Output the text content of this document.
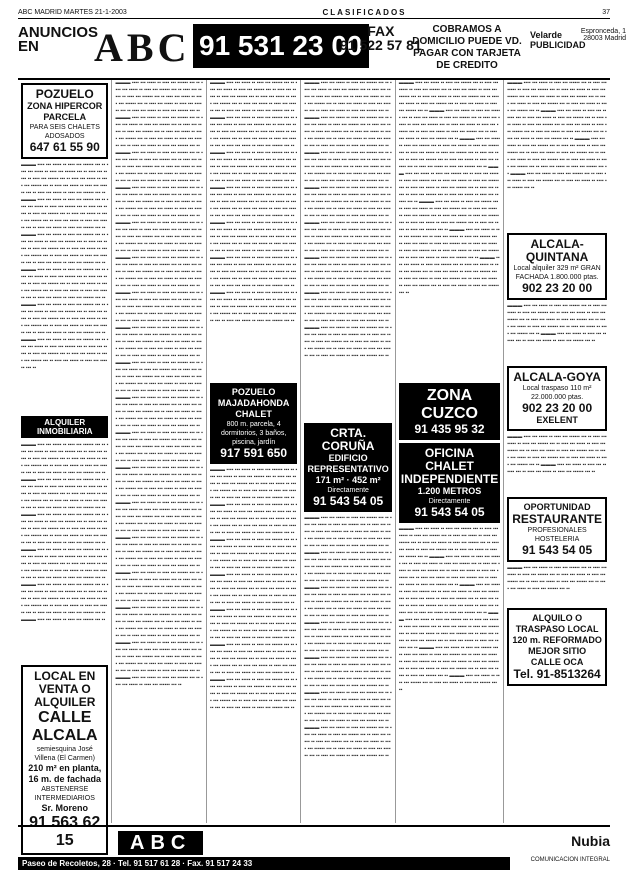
ABC MADRID MARTES 21-1-2003	CLASIFICADOS	37
ANUNCIOS
EN	ABC 91 531 23 00 FAX
91 522 57 81
COBRAMOS A DOMICILIO PUEDE VD. PAGAR CON TARJETA DE CREDITO
Velarde PUBLICIDAD
Espronceda, 1 28003 Madrid
POZUELO
ZONA HIPERCOR
PARCELA
PARA SEIS CHALETS ADOSADOS
647 61 55 90
▬▬▬ ▪▪▪▪ ▪▪▪ ▪▪▪▪▪ ▪▪ ▪▪▪▪ ▪▪▪ ▪▪▪▪▪▪ ▪▪▪ ▪▪ ▪▪▪▪ ▪▪▪ ▪▪▪▪▪ ▪▪ ▪▪▪▪ ▪▪▪ ▪▪▪▪▪▪ ▪▪▪ ▪▪ ▪▪▪▪ ▪▪▪ ▪▪▪▪▪ ▪▪ ▪▪▪▪ ▪▪▪ ▪▪▪▪▪▪ ▪▪▪ ▪▪ ▪▪▪▪ ▪▪▪ ▪▪▪▪▪ ▪▪ ▪▪▪▪ ▪▪▪ ▪▪▪▪▪▪ ▪▪▪ ▪▪ ▪▪▪▪ ▪▪▪ ▪▪▪▪▪ ▪▪ ▪▪▪▪ ▪▪▪ ▪▪▪▪▪▪ ▪▪▪ ▪▪ ▪▪▪▪ ▪▪▪ ▪▪▪▪▪ ▪▪ ▪▪▪▪ ▪▪▪ ▪▪▪▪▪▪ ▪▪▪ ▪▪ ▬▬▬ ▪▪▪▪ ▪▪▪ ▪▪▪▪▪ ▪▪ ▪▪▪▪ ▪▪▪ ▪▪▪▪▪▪ ▪▪▪ ▪▪ ▪▪▪▪ ▪▪▪ ▪▪▪▪▪ ▪▪ ▪▪▪▪ ▪▪▪ ▪▪▪▪▪▪ ▪▪▪ ▪▪ ▪▪▪▪ ▪▪▪ ▪▪▪▪▪ ▪▪ ▪▪▪▪ ▪▪▪ ▪▪▪▪▪▪ ▪▪▪ ▪▪ ▪▪▪▪ ▪▪▪ ▪▪▪▪▪ ▪▪ ▪▪▪▪ ▪▪▪ ▪▪▪▪▪▪ ▪▪▪ ▪▪ ▪▪▪▪ ▪▪▪ ▪▪▪▪▪ ▪▪ ▪▪▪▪ ▪▪▪ ▪▪▪▪▪▪ ▪▪▪ ▪▪ ▪▪▪▪ ▪▪▪ ▪▪▪▪▪ ▪▪ ▪▪▪▪ ▪▪▪ ▪▪▪▪▪▪ ▪▪▪ ▪▪ ▬▬▬ ▪▪▪▪ ▪▪▪ ▪▪▪▪▪ ▪▪ ▪▪▪▪ ▪▪▪ ▪▪▪▪▪▪ ▪▪▪ ▪▪ ▪▪▪▪ ▪▪▪ ▪▪▪▪▪ ▪▪ ▪▪▪▪ ▪▪▪ ▪▪▪▪▪▪ ▪▪▪ ▪▪ ▪▪▪▪ ▪▪▪ ▪▪▪▪▪ ▪▪ ▪▪▪▪ ▪▪▪ ▪▪▪▪▪▪ ▪▪▪ ▪▪ ▪▪▪▪ ▪▪▪ ▪▪▪▪▪ ▪▪ ▪▪▪▪ ▪▪▪ ▪▪▪▪▪▪ ▪▪▪ ▪▪ ▪▪▪▪ ▪▪▪ ▪▪▪▪▪ ▪▪ ▪▪▪▪ ▪▪▪ ▪▪▪▪▪▪ ▪▪▪ ▪▪ ▪▪▪▪ ▪▪▪ ▪▪▪▪▪ ▪▪ ▪▪▪▪ ▪▪▪ ▪▪▪▪▪▪ ▪▪▪ ▪▪ ▬▬▬ ▪▪▪▪ ▪▪▪ ▪▪▪▪▪ ▪▪ ▪▪▪▪ ▪▪▪ ▪▪▪▪▪▪ ▪▪▪ ▪▪ ▪▪▪▪ ▪▪▪ ▪▪▪▪▪ ▪▪ ▪▪▪▪ ▪▪▪ ▪▪▪▪▪▪ ▪▪▪ ▪▪ ▪▪▪▪ ▪▪▪ ▪▪▪▪▪ ▪▪ ▪▪▪▪ ▪▪▪ ▪▪▪▪▪▪ ▪▪▪ ▪▪ ▪▪▪▪ ▪▪▪ ▪▪▪▪▪ ▪▪ ▪▪▪▪ ▪▪▪ ▪▪▪▪▪▪ ▪▪▪ ▪▪ ▪▪▪▪ ▪▪▪ ▪▪▪▪▪ ▪▪ ▪▪▪▪ ▪▪▪ ▪▪▪▪▪▪ ▪▪▪ ▪▪ ▪▪▪▪ ▪▪▪ ▪▪▪▪▪ ▪▪ ▪▪▪▪ ▪▪▪ ▪▪▪▪▪▪ ▪▪▪ ▪▪ ▬▬▬ ▪▪▪▪ ▪▪▪ ▪▪▪▪▪ ▪▪ ▪▪▪▪ ▪▪▪ ▪▪▪▪▪▪ ▪▪▪ ▪▪ ▪▪▪▪ ▪▪▪ ▪▪▪▪▪ ▪▪ ▪▪▪▪ ▪▪▪ ▪▪▪▪▪▪ ▪▪▪ ▪▪ ▪▪▪▪ ▪▪▪ ▪▪▪▪▪ ▪▪ ▪▪▪▪ ▪▪▪ ▪▪▪▪▪▪ ▪▪▪ ▪▪ ▪▪▪▪ ▪▪▪ ▪▪▪▪▪ ▪▪ ▪▪▪▪ ▪▪▪ ▪▪▪▪▪▪ ▪▪▪ ▪▪ ▪▪▪▪ ▪▪▪ ▪▪▪▪▪ ▪▪ ▪▪▪▪ ▪▪▪ ▪▪▪▪▪▪ ▪▪▪ ▪▪ ▪▪▪▪ ▪▪▪ ▪▪▪▪▪ ▪▪ ▪▪▪▪ ▪▪▪ ▪▪▪▪▪▪ ▪▪▪ ▪▪ ▬▬▬ ▪▪▪▪ ▪▪▪ ▪▪▪▪▪ ▪▪ ▪▪▪▪ ▪▪▪ ▪▪▪▪▪▪ ▪▪▪ ▪▪ ▪▪▪▪ ▪▪▪ ▪▪▪▪▪ ▪▪ ▪▪▪▪ ▪▪▪ ▪▪▪▪▪▪ ▪▪▪ ▪▪ ▪▪▪▪ ▪▪▪ ▪▪▪▪▪ ▪▪ ▪▪▪▪ ▪▪▪ ▪▪▪▪▪▪ ▪▪▪ ▪▪ ▪▪▪▪ ▪▪▪ ▪▪▪▪▪ ▪▪ ▪▪▪▪ ▪▪▪ ▪▪▪▪▪▪ ▪▪▪ ▪▪ ▪▪▪▪ ▪▪▪ ▪▪▪▪▪ ▪▪ ▪▪▪▪ ▪▪▪ ▪▪▪▪▪▪ ▪▪▪ ▪▪
ALQUILER INMOBILIARIA
▬▬▬ ▪▪▪▪ ▪▪▪ ▪▪▪▪▪ ▪▪ ▪▪▪▪ ▪▪▪ ▪▪▪▪▪▪ ▪▪▪ ▪▪ ▪▪▪▪ ▪▪▪ ▪▪▪▪▪ ▪▪ ▪▪▪▪ ▪▪▪ ▪▪▪▪▪▪ ▪▪▪ ▪▪ ▪▪▪▪ ▪▪▪ ▪▪▪▪▪ ▪▪ ▪▪▪▪ ▪▪▪ ▪▪▪▪▪▪ ▪▪▪ ▪▪ ▪▪▪▪ ▪▪▪ ▪▪▪▪▪ ▪▪ ▪▪▪▪ ▪▪▪ ▪▪▪▪▪▪ ▪▪▪ ▪▪ ▪▪▪▪ ▪▪▪ ▪▪▪▪▪ ▪▪ ▪▪▪▪ ▪▪▪ ▪▪▪▪▪▪ ▪▪▪ ▪▪ ▪▪▪▪ ▪▪▪ ▪▪▪▪▪ ▪▪ ▪▪▪▪ ▪▪▪ ▪▪▪▪▪▪ ▪▪▪ ▪▪ ▬▬▬ ▪▪▪▪ ▪▪▪ ▪▪▪▪▪ ▪▪ ▪▪▪▪ ▪▪▪ ▪▪▪▪▪▪ ▪▪▪ ▪▪ ▪▪▪▪ ▪▪▪ ▪▪▪▪▪ ▪▪ ▪▪▪▪ ▪▪▪ ▪▪▪▪▪▪ ▪▪▪ ▪▪ ▪▪▪▪ ▪▪▪ ▪▪▪▪▪ ▪▪ ▪▪▪▪ ▪▪▪ ▪▪▪▪▪▪ ▪▪▪ ▪▪ ▪▪▪▪ ▪▪▪ ▪▪▪▪▪ ▪▪ ▪▪▪▪ ▪▪▪ ▪▪▪▪▪▪ ▪▪▪ ▪▪ ▪▪▪▪ ▪▪▪ ▪▪▪▪▪ ▪▪ ▪▪▪▪ ▪▪▪ ▪▪▪▪▪▪ ▪▪▪ ▪▪ ▪▪▪▪ ▪▪▪ ▪▪▪▪▪ ▪▪ ▪▪▪▪ ▪▪▪ ▪▪▪▪▪▪ ▪▪▪ ▪▪ ▬▬▬ ▪▪▪▪ ▪▪▪ ▪▪▪▪▪ ▪▪ ▪▪▪▪ ▪▪▪ ▪▪▪▪▪▪ ▪▪▪ ▪▪ ▪▪▪▪ ▪▪▪ ▪▪▪▪▪ ▪▪ ▪▪▪▪ ▪▪▪ ▪▪▪▪▪▪ ▪▪▪ ▪▪ ▪▪▪▪ ▪▪▪ ▪▪▪▪▪ ▪▪ ▪▪▪▪ ▪▪▪ ▪▪▪▪▪▪ ▪▪▪ ▪▪ ▪▪▪▪ ▪▪▪ ▪▪▪▪▪ ▪▪ ▪▪▪▪ ▪▪▪ ▪▪▪▪▪▪ ▪▪▪ ▪▪ ▪▪▪▪ ▪▪▪ ▪▪▪▪▪ ▪▪ ▪▪▪▪ ▪▪▪ ▪▪▪▪▪▪ ▪▪▪ ▪▪ ▪▪▪▪ ▪▪▪ ▪▪▪▪▪ ▪▪ ▪▪▪▪ ▪▪▪ ▪▪▪▪▪▪ ▪▪▪ ▪▪ ▬▬▬ ▪▪▪▪ ▪▪▪ ▪▪▪▪▪ ▪▪ ▪▪▪▪ ▪▪▪ ▪▪▪▪▪▪ ▪▪▪ ▪▪ ▪▪▪▪ ▪▪▪ ▪▪▪▪▪ ▪▪ ▪▪▪▪ ▪▪▪ ▪▪▪▪▪▪ ▪▪▪ ▪▪ ▪▪▪▪ ▪▪▪ ▪▪▪▪▪ ▪▪ ▪▪▪▪ ▪▪▪ ▪▪▪▪▪▪ ▪▪▪ ▪▪ ▪▪▪▪ ▪▪▪ ▪▪▪▪▪ ▪▪ ▪▪▪▪ ▪▪▪ ▪▪▪▪▪▪ ▪▪▪ ▪▪ ▪▪▪▪ ▪▪▪ ▪▪▪▪▪ ▪▪ ▪▪▪▪ ▪▪▪ ▪▪▪▪▪▪ ▪▪▪ ▪▪ ▪▪▪▪ ▪▪▪ ▪▪▪▪▪ ▪▪ ▪▪▪▪ ▪▪▪ ▪▪▪▪▪▪ ▪▪▪ ▪▪ ▬▬▬ ▪▪▪▪ ▪▪▪ ▪▪▪▪▪ ▪▪ ▪▪▪▪ ▪▪▪ ▪▪▪▪▪▪ ▪▪▪ ▪▪ ▪▪▪▪ ▪▪▪ ▪▪▪▪▪ ▪▪ ▪▪▪▪ ▪▪▪ ▪▪▪▪▪▪ ▪▪▪ ▪▪ ▪▪▪▪ ▪▪▪ ▪▪▪▪▪ ▪▪ ▪▪▪▪ ▪▪▪ ▪▪▪▪▪▪ ▪▪▪ ▪▪ ▪▪▪▪ ▪▪▪ ▪▪▪▪▪ ▪▪ ▪▪▪▪ ▪▪▪ ▪▪▪▪▪▪ ▪▪▪ ▪▪ ▪▪▪▪ ▪▪▪ ▪▪▪▪▪ ▪▪ ▪▪▪▪ ▪▪▪ ▪▪▪▪▪▪ ▪▪▪ ▪▪ ▪▪▪▪ ▪▪▪ ▪▪▪▪▪ ▪▪ ▪▪▪▪ ▪▪▪ ▪▪▪▪▪▪ ▪▪▪ ▪▪ ▬▬▬ ▪▪▪▪ ▪▪▪ ▪▪▪▪▪ ▪▪ ▪▪▪▪ ▪▪▪ ▪▪▪▪▪▪ ▪▪▪ ▪▪
LOCAL EN VENTA O ALQUILER
CALLE ALCALA
semiesquina José Villena (El Carmen)
210 m² en planta, 16 m. de fachada
ABSTENERSE INTERMEDIARIOS
Sr. Moreno
91 563 62 15
▬▬▬ ▪▪▪▪ ▪▪▪ ▪▪▪▪▪ ▪▪ ▪▪▪▪ ▪▪▪ ▪▪▪▪▪▪ ▪▪▪ ▪▪ ▪▪▪▪ ▪▪▪ ▪▪▪▪▪ ▪▪ ▪▪▪▪ ▪▪▪ ▪▪▪▪▪▪ ▪▪▪ ▪▪ ▪▪▪▪ ▪▪▪ ▪▪▪▪▪ ▪▪ ▪▪▪▪ ▪▪▪ ▪▪▪▪▪▪ ▪▪▪ ▪▪ ▪▪▪▪ ▪▪▪ ▪▪▪▪▪ ▪▪ ▪▪▪▪ ▪▪▪ ▪▪▪▪▪▪ ▪▪▪ ▪▪ ▪▪▪▪ ▪▪▪ ▪▪▪▪▪ ▪▪ ▪▪▪▪ ▪▪▪ ▪▪▪▪▪▪ ▪▪▪ ▪▪ ▪▪▪▪ ▪▪▪ ▪▪▪▪▪ ▪▪ ▪▪▪▪ ▪▪▪ ▪▪▪▪▪▪ ▪▪▪ ▪▪ ▬▬▬ ▪▪▪▪ ▪▪▪ ▪▪▪▪▪ ▪▪ ▪▪▪▪ ▪▪▪ ▪▪▪▪▪▪ ▪▪▪ ▪▪ ▪▪▪▪ ▪▪▪ ▪▪▪▪▪ ▪▪ ▪▪▪▪ ▪▪▪ ▪▪▪▪▪▪ ▪▪▪ ▪▪ ▪▪▪▪ ▪▪▪ ▪▪▪▪▪ ▪▪ ▪▪▪▪ ▪▪▪ ▪▪▪▪▪▪ ▪▪▪ ▪▪ ▪▪▪▪ ▪▪▪ ▪▪▪▪▪ ▪▪ ▪▪▪▪ ▪▪▪ ▪▪▪▪▪▪ ▪▪▪ ▪▪ ▪▪▪▪ ▪▪▪ ▪▪▪▪▪ ▪▪ ▪▪▪▪ ▪▪▪ ▪▪▪▪▪▪ ▪▪▪ ▪▪ ▪▪▪▪ ▪▪▪ ▪▪▪▪▪ ▪▪ ▪▪▪▪ ▪▪▪ ▪▪▪▪▪▪ ▪▪▪ ▪▪ ▬▬▬ ▪▪▪▪ ▪▪▪ ▪▪▪▪▪ ▪▪ ▪▪▪▪ ▪▪▪ ▪▪▪▪▪▪ ▪▪▪ ▪▪ ▪▪▪▪ ▪▪▪ ▪▪▪▪▪ ▪▪ ▪▪▪▪ ▪▪▪ ▪▪▪▪▪▪ ▪▪▪ ▪▪ ▪▪▪▪ ▪▪▪ ▪▪▪▪▪ ▪▪ ▪▪▪▪ ▪▪▪ ▪▪▪▪▪▪ ▪▪▪ ▪▪ ▪▪▪▪ ▪▪▪ ▪▪▪▪▪ ▪▪ ▪▪▪▪ ▪▪▪ ▪▪▪▪▪▪ ▪▪▪ ▪▪ ▪▪▪▪ ▪▪▪ ▪▪▪▪▪ ▪▪ ▪▪▪▪ ▪▪▪ ▪▪▪▪▪▪ ▪▪▪ ▪▪ ▪▪▪▪ ▪▪▪ ▪▪▪▪▪ ▪▪ ▪▪▪▪ ▪▪▪ ▪▪▪▪▪▪ ▪▪▪ ▪▪ ▬▬▬ ▪▪▪▪ ▪▪▪ ▪▪▪▪▪ ▪▪ ▪▪▪▪ ▪▪▪ ▪▪▪▪▪▪ ▪▪▪ ▪▪ ▪▪▪▪ ▪▪▪ ▪▪▪▪▪ ▪▪ ▪▪▪▪ ▪▪▪ ▪▪▪▪▪▪ ▪▪▪ ▪▪ ▪▪▪▪ ▪▪▪ ▪▪▪▪▪ ▪▪ ▪▪▪▪ ▪▪▪ ▪▪▪▪▪▪ ▪▪▪ ▪▪ ▪▪▪▪ ▪▪▪ ▪▪▪▪▪ ▪▪ ▪▪▪▪ ▪▪▪ ▪▪▪▪▪▪ ▪▪▪ ▪▪ ▪▪▪▪ ▪▪▪ ▪▪▪▪▪ ▪▪ ▪▪▪▪ ▪▪▪ ▪▪▪▪▪▪ ▪▪▪ ▪▪ ▪▪▪▪ ▪▪▪ ▪▪▪▪▪ ▪▪ ▪▪▪▪ ▪▪▪ ▪▪▪▪▪▪ ▪▪▪ ▪▪ ▬▬▬ ▪▪▪▪ ▪▪▪ ▪▪▪▪▪ ▪▪ ▪▪▪▪ ▪▪▪ ▪▪▪▪▪▪ ▪▪▪ ▪▪ ▪▪▪▪ ▪▪▪ ▪▪▪▪▪ ▪▪ ▪▪▪▪ ▪▪▪ ▪▪▪▪▪▪ ▪▪▪ ▪▪ ▪▪▪▪ ▪▪▪ ▪▪▪▪▪ ▪▪ ▪▪▪▪ ▪▪▪ ▪▪▪▪▪▪ ▪▪▪ ▪▪ ▪▪▪▪ ▪▪▪ ▪▪▪▪▪ ▪▪ ▪▪▪▪ ▪▪▪ ▪▪▪▪▪▪ ▪▪▪ ▪▪ ▪▪▪▪ ▪▪▪ ▪▪▪▪▪ ▪▪ ▪▪▪▪ ▪▪▪ ▪▪▪▪▪▪ ▪▪▪ ▪▪ ▪▪▪▪ ▪▪▪ ▪▪▪▪▪ ▪▪ ▪▪▪▪ ▪▪▪ ▪▪▪▪▪▪ ▪▪▪ ▪▪ ▬▬▬ ▪▪▪▪ ▪▪▪ ▪▪▪▪▪ ▪▪ ▪▪▪▪ ▪▪▪ ▪▪▪▪▪▪ ▪▪▪ ▪▪ ▪▪▪▪ ▪▪▪ ▪▪▪▪▪ ▪▪ ▪▪▪▪ ▪▪▪ ▪▪▪▪▪▪ ▪▪▪ ▪▪ ▪▪▪▪ ▪▪▪ ▪▪▪▪▪ ▪▪ ▪▪▪▪ ▪▪▪ ▪▪▪▪▪▪ ▪▪▪ ▪▪ ▪▪▪▪ ▪▪▪ ▪▪▪▪▪ ▪▪ ▪▪▪▪ ▪▪▪ ▪▪▪▪▪▪ ▪▪▪ ▪▪ ▪▪▪▪ ▪▪▪ ▪▪▪▪▪ ▪▪ ▪▪▪▪ ▪▪▪ ▪▪▪▪▪▪ ▪▪▪ ▪▪ ▪▪▪▪ ▪▪▪ ▪▪▪▪▪ ▪▪ ▪▪▪▪ ▪▪▪ ▪▪▪▪▪▪ ▪▪▪ ▪▪ ▬▬▬ ▪▪▪▪ ▪▪▪ ▪▪▪▪▪ ▪▪ ▪▪▪▪ ▪▪▪ ▪▪▪▪▪▪ ▪▪▪ ▪▪ ▪▪▪▪ ▪▪▪ ▪▪▪▪▪ ▪▪ ▪▪▪▪ ▪▪▪ ▪▪▪▪▪▪ ▪▪▪ ▪▪ ▪▪▪▪ ▪▪▪ ▪▪▪▪▪ ▪▪ ▪▪▪▪ ▪▪▪ ▪▪▪▪▪▪ ▪▪▪ ▪▪ ▪▪▪▪ ▪▪▪ ▪▪▪▪▪ ▪▪ ▪▪▪▪ ▪▪▪ ▪▪▪▪▪▪ ▪▪▪ ▪▪ ▪▪▪▪ ▪▪▪ ▪▪▪▪▪ ▪▪ ▪▪▪▪ ▪▪▪ ▪▪▪▪▪▪ ▪▪▪ ▪▪ ▪▪▪▪ ▪▪▪ ▪▪▪▪▪ ▪▪ ▪▪▪▪ ▪▪▪ ▪▪▪▪▪▪ ▪▪▪ ▪▪ ▬▬▬ ▪▪▪▪ ▪▪▪ ▪▪▪▪▪ ▪▪ ▪▪▪▪ ▪▪▪ ▪▪▪▪▪▪ ▪▪▪ ▪▪ ▪▪▪▪ ▪▪▪ ▪▪▪▪▪ ▪▪ ▪▪▪▪ ▪▪▪ ▪▪▪▪▪▪ ▪▪▪ ▪▪ ▪▪▪▪ ▪▪▪ ▪▪▪▪▪ ▪▪ ▪▪▪▪ ▪▪▪ ▪▪▪▪▪▪ ▪▪▪ ▪▪ ▪▪▪▪ ▪▪▪ ▪▪▪▪▪ ▪▪ ▪▪▪▪ ▪▪▪ ▪▪▪▪▪▪ ▪▪▪ ▪▪ ▪▪▪▪ ▪▪▪ ▪▪▪▪▪ ▪▪ ▪▪▪▪ ▪▪▪ ▪▪▪▪▪▪ ▪▪▪ ▪▪ ▪▪▪▪ ▪▪▪ ▪▪▪▪▪ ▪▪ ▪▪▪▪ ▪▪▪ ▪▪▪▪▪▪ ▪▪▪ ▪▪ ▬▬▬ ▪▪▪▪ ▪▪▪ ▪▪▪▪▪ ▪▪ ▪▪▪▪ ▪▪▪ ▪▪▪▪▪▪ ▪▪▪ ▪▪ ▪▪▪▪ ▪▪▪ ▪▪▪▪▪ ▪▪ ▪▪▪▪ ▪▪▪ ▪▪▪▪▪▪ ▪▪▪ ▪▪ ▪▪▪▪ ▪▪▪ ▪▪▪▪▪ ▪▪ ▪▪▪▪ ▪▪▪ ▪▪▪▪▪▪ ▪▪▪ ▪▪ ▪▪▪▪ ▪▪▪ ▪▪▪▪▪ ▪▪ ▪▪▪▪ ▪▪▪ ▪▪▪▪▪▪ ▪▪▪ ▪▪ ▪▪▪▪ ▪▪▪ ▪▪▪▪▪ ▪▪ ▪▪▪▪ ▪▪▪ ▪▪▪▪▪▪ ▪▪▪ ▪▪ ▪▪▪▪ ▪▪▪ ▪▪▪▪▪ ▪▪ ▪▪▪▪ ▪▪▪ ▪▪▪▪▪▪ ▪▪▪ ▪▪ ▬▬▬ ▪▪▪▪ ▪▪▪ ▪▪▪▪▪ ▪▪ ▪▪▪▪ ▪▪▪ ▪▪▪▪▪▪ ▪▪▪ ▪▪ ▪▪▪▪ ▪▪▪ ▪▪▪▪▪ ▪▪ ▪▪▪▪ ▪▪▪ ▪▪▪▪▪▪ ▪▪▪ ▪▪ ▪▪▪▪ ▪▪▪ ▪▪▪▪▪ ▪▪ ▪▪▪▪ ▪▪▪ ▪▪▪▪▪▪ ▪▪▪ ▪▪ ▪▪▪▪ ▪▪▪ ▪▪▪▪▪ ▪▪ ▪▪▪▪ ▪▪▪ ▪▪▪▪▪▪ ▪▪▪ ▪▪ ▪▪▪▪ ▪▪▪ ▪▪▪▪▪ ▪▪ ▪▪▪▪ ▪▪▪ ▪▪▪▪▪▪ ▪▪▪ ▪▪ ▪▪▪▪ ▪▪▪ ▪▪▪▪▪ ▪▪ ▪▪▪▪ ▪▪▪ ▪▪▪▪▪▪ ▪▪▪ ▪▪ ▬▬▬ ▪▪▪▪ ▪▪▪ ▪▪▪▪▪ ▪▪ ▪▪▪▪ ▪▪▪ ▪▪▪▪▪▪ ▪▪▪ ▪▪ ▪▪▪▪ ▪▪▪ ▪▪▪▪▪ ▪▪ ▪▪▪▪ ▪▪▪ ▪▪▪▪▪▪ ▪▪▪ ▪▪ ▪▪▪▪ ▪▪▪ ▪▪▪▪▪ ▪▪ ▪▪▪▪ ▪▪▪ ▪▪▪▪▪▪ ▪▪▪ ▪▪ ▪▪▪▪ ▪▪▪ ▪▪▪▪▪ ▪▪ ▪▪▪▪ ▪▪▪ ▪▪▪▪▪▪ ▪▪▪ ▪▪ ▪▪▪▪ ▪▪▪ ▪▪▪▪▪ ▪▪ ▪▪▪▪ ▪▪▪ ▪▪▪▪▪▪ ▪▪▪ ▪▪ ▪▪▪▪ ▪▪▪ ▪▪▪▪▪ ▪▪ ▪▪▪▪ ▪▪▪ ▪▪▪▪▪▪ ▪▪▪ ▪▪ ▬▬▬ ▪▪▪▪ ▪▪▪ ▪▪▪▪▪ ▪▪ ▪▪▪▪ ▪▪▪ ▪▪▪▪▪▪ ▪▪▪ ▪▪ ▪▪▪▪ ▪▪▪ ▪▪▪▪▪ ▪▪ ▪▪▪▪ ▪▪▪ ▪▪▪▪▪▪ ▪▪▪ ▪▪ ▪▪▪▪ ▪▪▪ ▪▪▪▪▪ ▪▪ ▪▪▪▪ ▪▪▪ ▪▪▪▪▪▪ ▪▪▪ ▪▪ ▪▪▪▪ ▪▪▪ ▪▪▪▪▪ ▪▪ ▪▪▪▪ ▪▪▪ ▪▪▪▪▪▪ ▪▪▪ ▪▪ ▪▪▪▪ ▪▪▪ ▪▪▪▪▪ ▪▪ ▪▪▪▪ ▪▪▪ ▪▪▪▪▪▪ ▪▪▪ ▪▪ ▪▪▪▪ ▪▪▪ ▪▪▪▪▪ ▪▪ ▪▪▪▪ ▪▪▪ ▪▪▪▪▪▪ ▪▪▪ ▪▪ ▬▬▬ ▪▪▪▪ ▪▪▪ ▪▪▪▪▪ ▪▪ ▪▪▪▪ ▪▪▪ ▪▪▪▪▪▪ ▪▪▪ ▪▪ ▪▪▪▪ ▪▪▪ ▪▪▪▪▪ ▪▪ ▪▪▪▪ ▪▪▪ ▪▪▪▪▪▪ ▪▪▪ ▪▪ ▪▪▪▪ ▪▪▪ ▪▪▪▪▪ ▪▪ ▪▪▪▪ ▪▪▪ ▪▪▪▪▪▪ ▪▪▪ ▪▪ ▪▪▪▪ ▪▪▪ ▪▪▪▪▪ ▪▪ ▪▪▪▪ ▪▪▪ ▪▪▪▪▪▪ ▪▪▪ ▪▪ ▪▪▪▪ ▪▪▪ ▪▪▪▪▪ ▪▪ ▪▪▪▪ ▪▪▪ ▪▪▪▪▪▪ ▪▪▪ ▪▪ ▪▪▪▪ ▪▪▪ ▪▪▪▪▪ ▪▪ ▪▪▪▪ ▪▪▪ ▪▪▪▪▪▪ ▪▪▪ ▪▪ ▬▬▬ ▪▪▪▪ ▪▪▪ ▪▪▪▪▪ ▪▪ ▪▪▪▪ ▪▪▪ ▪▪▪▪▪▪ ▪▪▪ ▪▪ ▪▪▪▪ ▪▪▪ ▪▪▪▪▪ ▪▪ ▪▪▪▪ ▪▪▪ ▪▪▪▪▪▪ ▪▪▪ ▪▪ ▪▪▪▪ ▪▪▪ ▪▪▪▪▪ ▪▪ ▪▪▪▪ ▪▪▪ ▪▪▪▪▪▪ ▪▪▪ ▪▪ ▪▪▪▪ ▪▪▪ ▪▪▪▪▪ ▪▪ ▪▪▪▪ ▪▪▪ ▪▪▪▪▪▪ ▪▪▪ ▪▪ ▪▪▪▪ ▪▪▪ ▪▪▪▪▪ ▪▪ ▪▪▪▪ ▪▪▪ ▪▪▪▪▪▪ ▪▪▪ ▪▪ ▪▪▪▪ ▪▪▪ ▪▪▪▪▪ ▪▪ ▪▪▪▪ ▪▪▪ ▪▪▪▪▪▪ ▪▪▪ ▪▪ ▬▬▬ ▪▪▪▪ ▪▪▪ ▪▪▪▪▪ ▪▪ ▪▪▪▪ ▪▪▪ ▪▪▪▪▪▪ ▪▪▪ ▪▪ ▪▪▪▪ ▪▪▪ ▪▪▪▪▪ ▪▪ ▪▪▪▪ ▪▪▪ ▪▪▪▪▪▪ ▪▪▪ ▪▪ ▪▪▪▪ ▪▪▪ ▪▪▪▪▪ ▪▪ ▪▪▪▪ ▪▪▪ ▪▪▪▪▪▪ ▪▪▪ ▪▪ ▪▪▪▪ ▪▪▪ ▪▪▪▪▪ ▪▪ ▪▪▪▪ ▪▪▪ ▪▪▪▪▪▪ ▪▪▪ ▪▪ ▪▪▪▪ ▪▪▪ ▪▪▪▪▪ ▪▪ ▪▪▪▪ ▪▪▪ ▪▪▪▪▪▪ ▪▪▪ ▪▪ ▪▪▪▪ ▪▪▪ ▪▪▪▪▪ ▪▪ ▪▪▪▪ ▪▪▪ ▪▪▪▪▪▪ ▪▪▪ ▪▪ ▬▬▬ ▪▪▪▪ ▪▪▪ ▪▪▪▪▪ ▪▪ ▪▪▪▪ ▪▪▪ ▪▪▪▪▪▪ ▪▪▪ ▪▪ ▪▪▪▪ ▪▪▪ ▪▪▪▪▪ ▪▪ ▪▪▪▪ ▪▪▪ ▪▪▪▪▪▪ ▪▪▪ ▪▪ ▪▪▪▪ ▪▪▪ ▪▪▪▪▪ ▪▪ ▪▪▪▪ ▪▪▪ ▪▪▪▪▪▪ ▪▪▪ ▪▪ ▪▪▪▪ ▪▪▪ ▪▪▪▪▪ ▪▪ ▪▪▪▪ ▪▪▪ ▪▪▪▪▪▪ ▪▪▪ ▪▪ ▪▪▪▪ ▪▪▪ ▪▪▪▪▪ ▪▪ ▪▪▪▪ ▪▪▪ ▪▪▪▪▪▪ ▪▪▪ ▪▪ ▪▪▪▪ ▪▪▪ ▪▪▪▪▪ ▪▪ ▪▪▪▪ ▪▪▪ ▪▪▪▪▪▪ ▪▪▪ ▪▪ ▬▬▬ ▪▪▪▪ ▪▪▪ ▪▪▪▪▪ ▪▪ ▪▪▪▪ ▪▪▪ ▪▪▪▪▪▪ ▪▪▪ ▪▪ ▪▪▪▪ ▪▪▪ ▪▪▪▪▪ ▪▪ ▪▪▪▪ ▪▪▪ ▪▪▪▪▪▪ ▪▪▪ ▪▪ ▪▪▪▪ ▪▪▪ ▪▪▪▪▪ ▪▪ ▪▪▪▪ ▪▪▪ ▪▪▪▪▪▪ ▪▪▪ ▪▪ ▪▪▪▪ ▪▪▪ ▪▪▪▪▪ ▪▪ ▪▪▪▪ ▪▪▪ ▪▪▪▪▪▪ ▪▪▪ ▪▪ ▪▪▪▪ ▪▪▪ ▪▪▪▪▪ ▪▪ ▪▪▪▪ ▪▪▪ ▪▪▪▪▪▪ ▪▪▪ ▪▪ ▪▪▪▪ ▪▪▪ ▪▪▪▪▪ ▪▪ ▪▪▪▪ ▪▪▪ ▪▪▪▪▪▪ ▪▪▪ ▪▪ ▬▬▬ ▪▪▪▪ ▪▪▪ ▪▪▪▪▪ ▪▪ ▪▪▪▪ ▪▪▪ ▪▪▪▪▪▪ ▪▪▪ ▪▪ ▪▪▪▪ ▪▪▪ ▪▪▪▪▪ ▪▪ ▪▪▪▪ ▪▪▪ ▪▪▪▪▪▪ ▪▪▪ ▪▪
▬▬▬ ▪▪▪▪ ▪▪▪ ▪▪▪▪▪ ▪▪ ▪▪▪▪ ▪▪▪ ▪▪▪▪▪▪ ▪▪▪ ▪▪ ▪▪▪▪ ▪▪▪ ▪▪▪▪▪ ▪▪ ▪▪▪▪ ▪▪▪ ▪▪▪▪▪▪ ▪▪▪ ▪▪ ▪▪▪▪ ▪▪▪ ▪▪▪▪▪ ▪▪ ▪▪▪▪ ▪▪▪ ▪▪▪▪▪▪ ▪▪▪ ▪▪ ▪▪▪▪ ▪▪▪ ▪▪▪▪▪ ▪▪ ▪▪▪▪ ▪▪▪ ▪▪▪▪▪▪ ▪▪▪ ▪▪ ▪▪▪▪ ▪▪▪ ▪▪▪▪▪ ▪▪ ▪▪▪▪ ▪▪▪ ▪▪▪▪▪▪ ▪▪▪ ▪▪ ▪▪▪▪ ▪▪▪ ▪▪▪▪▪ ▪▪ ▪▪▪▪ ▪▪▪ ▪▪▪▪▪▪ ▪▪▪ ▪▪ ▬▬▬ ▪▪▪▪ ▪▪▪ ▪▪▪▪▪ ▪▪ ▪▪▪▪ ▪▪▪ ▪▪▪▪▪▪ ▪▪▪ ▪▪ ▪▪▪▪ ▪▪▪ ▪▪▪▪▪ ▪▪ ▪▪▪▪ ▪▪▪ ▪▪▪▪▪▪ ▪▪▪ ▪▪ ▪▪▪▪ ▪▪▪ ▪▪▪▪▪ ▪▪ ▪▪▪▪ ▪▪▪ ▪▪▪▪▪▪ ▪▪▪ ▪▪ ▪▪▪▪ ▪▪▪ ▪▪▪▪▪ ▪▪ ▪▪▪▪ ▪▪▪ ▪▪▪▪▪▪ ▪▪▪ ▪▪ ▪▪▪▪ ▪▪▪ ▪▪▪▪▪ ▪▪ ▪▪▪▪ ▪▪▪ ▪▪▪▪▪▪ ▪▪▪ ▪▪ ▪▪▪▪ ▪▪▪ ▪▪▪▪▪ ▪▪ ▪▪▪▪ ▪▪▪ ▪▪▪▪▪▪ ▪▪▪ ▪▪ ▬▬▬ ▪▪▪▪ ▪▪▪ ▪▪▪▪▪ ▪▪ ▪▪▪▪ ▪▪▪ ▪▪▪▪▪▪ ▪▪▪ ▪▪ ▪▪▪▪ ▪▪▪ ▪▪▪▪▪ ▪▪ ▪▪▪▪ ▪▪▪ ▪▪▪▪▪▪ ▪▪▪ ▪▪ ▪▪▪▪ ▪▪▪ ▪▪▪▪▪ ▪▪ ▪▪▪▪ ▪▪▪ ▪▪▪▪▪▪ ▪▪▪ ▪▪ ▪▪▪▪ ▪▪▪ ▪▪▪▪▪ ▪▪ ▪▪▪▪ ▪▪▪ ▪▪▪▪▪▪ ▪▪▪ ▪▪ ▪▪▪▪ ▪▪▪ ▪▪▪▪▪ ▪▪ ▪▪▪▪ ▪▪▪ ▪▪▪▪▪▪ ▪▪▪ ▪▪ ▪▪▪▪ ▪▪▪ ▪▪▪▪▪ ▪▪ ▪▪▪▪ ▪▪▪ ▪▪▪▪▪▪ ▪▪▪ ▪▪ ▬▬▬ ▪▪▪▪ ▪▪▪ ▪▪▪▪▪ ▪▪ ▪▪▪▪ ▪▪▪ ▪▪▪▪▪▪ ▪▪▪ ▪▪ ▪▪▪▪ ▪▪▪ ▪▪▪▪▪ ▪▪ ▪▪▪▪ ▪▪▪ ▪▪▪▪▪▪ ▪▪▪ ▪▪ ▪▪▪▪ ▪▪▪ ▪▪▪▪▪ ▪▪ ▪▪▪▪ ▪▪▪ ▪▪▪▪▪▪ ▪▪▪ ▪▪ ▪▪▪▪ ▪▪▪ ▪▪▪▪▪ ▪▪ ▪▪▪▪ ▪▪▪ ▪▪▪▪▪▪ ▪▪▪ ▪▪ ▪▪▪▪ ▪▪▪ ▪▪▪▪▪ ▪▪ ▪▪▪▪ ▪▪▪ ▪▪▪▪▪▪ ▪▪▪ ▪▪ ▪▪▪▪ ▪▪▪ ▪▪▪▪▪ ▪▪ ▪▪▪▪ ▪▪▪ ▪▪▪▪▪▪ ▪▪▪ ▪▪ ▬▬▬ ▪▪▪▪ ▪▪▪ ▪▪▪▪▪ ▪▪ ▪▪▪▪ ▪▪▪ ▪▪▪▪▪▪ ▪▪▪ ▪▪ ▪▪▪▪ ▪▪▪ ▪▪▪▪▪ ▪▪ ▪▪▪▪ ▪▪▪ ▪▪▪▪▪▪ ▪▪▪ ▪▪ ▪▪▪▪ ▪▪▪ ▪▪▪▪▪ ▪▪ ▪▪▪▪ ▪▪▪ ▪▪▪▪▪▪ ▪▪▪ ▪▪ ▪▪▪▪ ▪▪▪ ▪▪▪▪▪ ▪▪ ▪▪▪▪ ▪▪▪ ▪▪▪▪▪▪ ▪▪▪ ▪▪ ▪▪▪▪ ▪▪▪ ▪▪▪▪▪ ▪▪ ▪▪▪▪ ▪▪▪ ▪▪▪▪▪▪ ▪▪▪ ▪▪ ▪▪▪▪ ▪▪▪ ▪▪▪▪▪ ▪▪ ▪▪▪▪ ▪▪▪ ▪▪▪▪▪▪ ▪▪▪ ▪▪ ▬▬▬ ▪▪▪▪ ▪▪▪ ▪▪▪▪▪ ▪▪ ▪▪▪▪ ▪▪▪ ▪▪▪▪▪▪ ▪▪▪ ▪▪ ▪▪▪▪ ▪▪▪ ▪▪▪▪▪ ▪▪ ▪▪▪▪ ▪▪▪ ▪▪▪▪▪▪ ▪▪▪ ▪▪ ▪▪▪▪ ▪▪▪ ▪▪▪▪▪ ▪▪ ▪▪▪▪ ▪▪▪ ▪▪▪▪▪▪ ▪▪▪ ▪▪ ▪▪▪▪ ▪▪▪ ▪▪▪▪▪ ▪▪ ▪▪▪▪ ▪▪▪ ▪▪▪▪▪▪ ▪▪▪ ▪▪ ▪▪▪▪ ▪▪▪ ▪▪▪▪▪ ▪▪ ▪▪▪▪ ▪▪▪ ▪▪▪▪▪▪ ▪▪▪ ▪▪ ▪▪▪▪ ▪▪▪ ▪▪▪▪▪ ▪▪ ▪▪▪▪ ▪▪▪ ▪▪▪▪▪▪ ▪▪▪ ▪▪ ▬▬▬ ▪▪▪▪ ▪▪▪ ▪▪▪▪▪ ▪▪ ▪▪▪▪ ▪▪▪ ▪▪▪▪▪▪ ▪▪▪ ▪▪ ▪▪▪▪ ▪▪▪ ▪▪▪▪▪ ▪▪ ▪▪▪▪ ▪▪▪ ▪▪▪▪▪▪ ▪▪▪ ▪▪ ▪▪▪▪ ▪▪▪ ▪▪▪▪▪ ▪▪ ▪▪▪▪ ▪▪▪ ▪▪▪▪▪▪ ▪▪▪ ▪▪ ▪▪▪▪ ▪▪▪ ▪▪▪▪▪ ▪▪ ▪▪▪▪ ▪▪▪ ▪▪▪▪▪▪ ▪▪▪ ▪▪ ▪▪▪▪ ▪▪▪ ▪▪▪▪▪ ▪▪ ▪▪▪▪ ▪▪▪ ▪▪▪▪▪▪ ▪▪▪ ▪▪ ▪▪▪▪ ▪▪▪ ▪▪▪▪▪ ▪▪ ▪▪▪▪ ▪▪▪ ▪▪▪▪▪▪ ▪▪▪ ▪▪
POZUELO MAJADAHONDA CHALET
800 m. parcela, 4 dormitorios, 3 baños, piscina, jardín
917 591 650
▬▬▬ ▪▪▪▪ ▪▪▪ ▪▪▪▪▪ ▪▪ ▪▪▪▪ ▪▪▪ ▪▪▪▪▪▪ ▪▪▪ ▪▪ ▪▪▪▪ ▪▪▪ ▪▪▪▪▪ ▪▪ ▪▪▪▪ ▪▪▪ ▪▪▪▪▪▪ ▪▪▪ ▪▪ ▪▪▪▪ ▪▪▪ ▪▪▪▪▪ ▪▪ ▪▪▪▪ ▪▪▪ ▪▪▪▪▪▪ ▪▪▪ ▪▪ ▪▪▪▪ ▪▪▪ ▪▪▪▪▪ ▪▪ ▪▪▪▪ ▪▪▪ ▪▪▪▪▪▪ ▪▪▪ ▪▪ ▪▪▪▪ ▪▪▪ ▪▪▪▪▪ ▪▪ ▪▪▪▪ ▪▪▪ ▪▪▪▪▪▪ ▪▪▪ ▪▪ ▪▪▪▪ ▪▪▪ ▪▪▪▪▪ ▪▪ ▪▪▪▪ ▪▪▪ ▪▪▪▪▪▪ ▪▪▪ ▪▪ ▬▬▬ ▪▪▪▪ ▪▪▪ ▪▪▪▪▪ ▪▪ ▪▪▪▪ ▪▪▪ ▪▪▪▪▪▪ ▪▪▪ ▪▪ ▪▪▪▪ ▪▪▪ ▪▪▪▪▪ ▪▪ ▪▪▪▪ ▪▪▪ ▪▪▪▪▪▪ ▪▪▪ ▪▪ ▪▪▪▪ ▪▪▪ ▪▪▪▪▪ ▪▪ ▪▪▪▪ ▪▪▪ ▪▪▪▪▪▪ ▪▪▪ ▪▪ ▪▪▪▪ ▪▪▪ ▪▪▪▪▪ ▪▪ ▪▪▪▪ ▪▪▪ ▪▪▪▪▪▪ ▪▪▪ ▪▪ ▪▪▪▪ ▪▪▪ ▪▪▪▪▪ ▪▪ ▪▪▪▪ ▪▪▪ ▪▪▪▪▪▪ ▪▪▪ ▪▪ ▪▪▪▪ ▪▪▪ ▪▪▪▪▪ ▪▪ ▪▪▪▪ ▪▪▪ ▪▪▪▪▪▪ ▪▪▪ ▪▪ ▬▬▬ ▪▪▪▪ ▪▪▪ ▪▪▪▪▪ ▪▪ ▪▪▪▪ ▪▪▪ ▪▪▪▪▪▪ ▪▪▪ ▪▪ ▪▪▪▪ ▪▪▪ ▪▪▪▪▪ ▪▪ ▪▪▪▪ ▪▪▪ ▪▪▪▪▪▪ ▪▪▪ ▪▪ ▪▪▪▪ ▪▪▪ ▪▪▪▪▪ ▪▪ ▪▪▪▪ ▪▪▪ ▪▪▪▪▪▪ ▪▪▪ ▪▪ ▪▪▪▪ ▪▪▪ ▪▪▪▪▪ ▪▪ ▪▪▪▪ ▪▪▪ ▪▪▪▪▪▪ ▪▪▪ ▪▪ ▪▪▪▪ ▪▪▪ ▪▪▪▪▪ ▪▪ ▪▪▪▪ ▪▪▪ ▪▪▪▪▪▪ ▪▪▪ ▪▪ ▪▪▪▪ ▪▪▪ ▪▪▪▪▪ ▪▪ ▪▪▪▪ ▪▪▪ ▪▪▪▪▪▪ ▪▪▪ ▪▪ ▬▬▬ ▪▪▪▪ ▪▪▪ ▪▪▪▪▪ ▪▪ ▪▪▪▪ ▪▪▪ ▪▪▪▪▪▪ ▪▪▪ ▪▪ ▪▪▪▪ ▪▪▪ ▪▪▪▪▪ ▪▪ ▪▪▪▪ ▪▪▪ ▪▪▪▪▪▪ ▪▪▪ ▪▪ ▪▪▪▪ ▪▪▪ ▪▪▪▪▪ ▪▪ ▪▪▪▪ ▪▪▪ ▪▪▪▪▪▪ ▪▪▪ ▪▪ ▪▪▪▪ ▪▪▪ ▪▪▪▪▪ ▪▪ ▪▪▪▪ ▪▪▪ ▪▪▪▪▪▪ ▪▪▪ ▪▪ ▪▪▪▪ ▪▪▪ ▪▪▪▪▪ ▪▪ ▪▪▪▪ ▪▪▪ ▪▪▪▪▪▪ ▪▪▪ ▪▪ ▪▪▪▪ ▪▪▪ ▪▪▪▪▪ ▪▪ ▪▪▪▪ ▪▪▪ ▪▪▪▪▪▪ ▪▪▪ ▪▪ ▬▬▬ ▪▪▪▪ ▪▪▪ ▪▪▪▪▪ ▪▪ ▪▪▪▪ ▪▪▪ ▪▪▪▪▪▪ ▪▪▪ ▪▪ ▪▪▪▪ ▪▪▪ ▪▪▪▪▪ ▪▪ ▪▪▪▪ ▪▪▪ ▪▪▪▪▪▪ ▪▪▪ ▪▪ ▪▪▪▪ ▪▪▪ ▪▪▪▪▪ ▪▪ ▪▪▪▪ ▪▪▪ ▪▪▪▪▪▪ ▪▪▪ ▪▪ ▪▪▪▪ ▪▪▪ ▪▪▪▪▪ ▪▪ ▪▪▪▪ ▪▪▪ ▪▪▪▪▪▪ ▪▪▪ ▪▪ ▪▪▪▪ ▪▪▪ ▪▪▪▪▪ ▪▪ ▪▪▪▪ ▪▪▪ ▪▪▪▪▪▪ ▪▪▪ ▪▪ ▪▪▪▪ ▪▪▪ ▪▪▪▪▪ ▪▪ ▪▪▪▪ ▪▪▪ ▪▪▪▪▪▪ ▪▪▪ ▪▪ ▬▬▬ ▪▪▪▪ ▪▪▪ ▪▪▪▪▪ ▪▪ ▪▪▪▪ ▪▪▪ ▪▪▪▪▪▪ ▪▪▪ ▪▪ ▪▪▪▪ ▪▪▪ ▪▪▪▪▪ ▪▪ ▪▪▪▪ ▪▪▪ ▪▪▪▪▪▪ ▪▪▪ ▪▪ ▪▪▪▪ ▪▪▪ ▪▪▪▪▪ ▪▪ ▪▪▪▪ ▪▪▪ ▪▪▪▪▪▪ ▪▪▪ ▪▪ ▪▪▪▪ ▪▪▪ ▪▪▪▪▪ ▪▪ ▪▪▪▪ ▪▪▪ ▪▪▪▪▪▪ ▪▪▪ ▪▪ ▪▪▪▪ ▪▪▪ ▪▪▪▪▪ ▪▪ ▪▪▪▪ ▪▪▪ ▪▪▪▪▪▪ ▪▪▪ ▪▪ ▪▪▪▪ ▪▪▪ ▪▪▪▪▪ ▪▪ ▪▪▪▪ ▪▪▪ ▪▪▪▪▪▪ ▪▪▪ ▪▪ ▬▬▬ ▪▪▪▪ ▪▪▪ ▪▪▪▪▪ ▪▪ ▪▪▪▪ ▪▪▪ ▪▪▪▪▪▪ ▪▪▪ ▪▪ ▪▪▪▪ ▪▪▪ ▪▪▪▪▪ ▪▪ ▪▪▪▪ ▪▪▪ ▪▪▪▪▪▪ ▪▪▪ ▪▪ ▪▪▪▪ ▪▪▪ ▪▪▪▪▪ ▪▪ ▪▪▪▪ ▪▪▪ ▪▪▪▪▪▪ ▪▪▪ ▪▪ ▪▪▪▪ ▪▪▪ ▪▪▪▪▪ ▪▪ ▪▪▪▪ ▪▪▪ ▪▪▪▪▪▪ ▪▪▪ ▪▪ ▪▪▪▪ ▪▪▪ ▪▪▪▪▪ ▪▪ ▪▪▪▪ ▪▪▪ ▪▪▪▪▪▪ ▪▪▪ ▪▪ ▪▪▪▪ ▪▪▪ ▪▪▪▪▪ ▪▪ ▪▪▪▪ ▪▪▪ ▪▪▪▪▪▪ ▪▪▪ ▪▪
▬▬▬ ▪▪▪▪ ▪▪▪ ▪▪▪▪▪ ▪▪ ▪▪▪▪ ▪▪▪ ▪▪▪▪▪▪ ▪▪▪ ▪▪ ▪▪▪▪ ▪▪▪ ▪▪▪▪▪ ▪▪ ▪▪▪▪ ▪▪▪ ▪▪▪▪▪▪ ▪▪▪ ▪▪ ▪▪▪▪ ▪▪▪ ▪▪▪▪▪ ▪▪ ▪▪▪▪ ▪▪▪ ▪▪▪▪▪▪ ▪▪▪ ▪▪ ▪▪▪▪ ▪▪▪ ▪▪▪▪▪ ▪▪ ▪▪▪▪ ▪▪▪ ▪▪▪▪▪▪ ▪▪▪ ▪▪ ▪▪▪▪ ▪▪▪ ▪▪▪▪▪ ▪▪ ▪▪▪▪ ▪▪▪ ▪▪▪▪▪▪ ▪▪▪ ▪▪ ▪▪▪▪ ▪▪▪ ▪▪▪▪▪ ▪▪ ▪▪▪▪ ▪▪▪ ▪▪▪▪▪▪ ▪▪▪ ▪▪ ▬▬▬ ▪▪▪▪ ▪▪▪ ▪▪▪▪▪ ▪▪ ▪▪▪▪ ▪▪▪ ▪▪▪▪▪▪ ▪▪▪ ▪▪ ▪▪▪▪ ▪▪▪ ▪▪▪▪▪ ▪▪ ▪▪▪▪ ▪▪▪ ▪▪▪▪▪▪ ▪▪▪ ▪▪ ▪▪▪▪ ▪▪▪ ▪▪▪▪▪ ▪▪ ▪▪▪▪ ▪▪▪ ▪▪▪▪▪▪ ▪▪▪ ▪▪ ▪▪▪▪ ▪▪▪ ▪▪▪▪▪ ▪▪ ▪▪▪▪ ▪▪▪ ▪▪▪▪▪▪ ▪▪▪ ▪▪ ▪▪▪▪ ▪▪▪ ▪▪▪▪▪ ▪▪ ▪▪▪▪ ▪▪▪ ▪▪▪▪▪▪ ▪▪▪ ▪▪ ▪▪▪▪ ▪▪▪ ▪▪▪▪▪ ▪▪ ▪▪▪▪ ▪▪▪ ▪▪▪▪▪▪ ▪▪▪ ▪▪ ▬▬▬ ▪▪▪▪ ▪▪▪ ▪▪▪▪▪ ▪▪ ▪▪▪▪ ▪▪▪ ▪▪▪▪▪▪ ▪▪▪ ▪▪ ▪▪▪▪ ▪▪▪ ▪▪▪▪▪ ▪▪ ▪▪▪▪ ▪▪▪ ▪▪▪▪▪▪ ▪▪▪ ▪▪ ▪▪▪▪ ▪▪▪ ▪▪▪▪▪ ▪▪ ▪▪▪▪ ▪▪▪ ▪▪▪▪▪▪ ▪▪▪ ▪▪ ▪▪▪▪ ▪▪▪ ▪▪▪▪▪ ▪▪ ▪▪▪▪ ▪▪▪ ▪▪▪▪▪▪ ▪▪▪ ▪▪ ▪▪▪▪ ▪▪▪ ▪▪▪▪▪ ▪▪ ▪▪▪▪ ▪▪▪ ▪▪▪▪▪▪ ▪▪▪ ▪▪ ▪▪▪▪ ▪▪▪ ▪▪▪▪▪ ▪▪ ▪▪▪▪ ▪▪▪ ▪▪▪▪▪▪ ▪▪▪ ▪▪ ▬▬▬ ▪▪▪▪ ▪▪▪ ▪▪▪▪▪ ▪▪ ▪▪▪▪ ▪▪▪ ▪▪▪▪▪▪ ▪▪▪ ▪▪ ▪▪▪▪ ▪▪▪ ▪▪▪▪▪ ▪▪ ▪▪▪▪ ▪▪▪ ▪▪▪▪▪▪ ▪▪▪ ▪▪ ▪▪▪▪ ▪▪▪ ▪▪▪▪▪ ▪▪ ▪▪▪▪ ▪▪▪ ▪▪▪▪▪▪ ▪▪▪ ▪▪ ▪▪▪▪ ▪▪▪ ▪▪▪▪▪ ▪▪ ▪▪▪▪ ▪▪▪ ▪▪▪▪▪▪ ▪▪▪ ▪▪ ▪▪▪▪ ▪▪▪ ▪▪▪▪▪ ▪▪ ▪▪▪▪ ▪▪▪ ▪▪▪▪▪▪ ▪▪▪ ▪▪ ▪▪▪▪ ▪▪▪ ▪▪▪▪▪ ▪▪ ▪▪▪▪ ▪▪▪ ▪▪▪▪▪▪ ▪▪▪ ▪▪ ▬▬▬ ▪▪▪▪ ▪▪▪ ▪▪▪▪▪ ▪▪ ▪▪▪▪ ▪▪▪ ▪▪▪▪▪▪ ▪▪▪ ▪▪ ▪▪▪▪ ▪▪▪ ▪▪▪▪▪ ▪▪ ▪▪▪▪ ▪▪▪ ▪▪▪▪▪▪ ▪▪▪ ▪▪ ▪▪▪▪ ▪▪▪ ▪▪▪▪▪ ▪▪ ▪▪▪▪ ▪▪▪ ▪▪▪▪▪▪ ▪▪▪ ▪▪ ▪▪▪▪ ▪▪▪ ▪▪▪▪▪ ▪▪ ▪▪▪▪ ▪▪▪ ▪▪▪▪▪▪ ▪▪▪ ▪▪ ▪▪▪▪ ▪▪▪ ▪▪▪▪▪ ▪▪ ▪▪▪▪ ▪▪▪ ▪▪▪▪▪▪ ▪▪▪ ▪▪ ▪▪▪▪ ▪▪▪ ▪▪▪▪▪ ▪▪ ▪▪▪▪ ▪▪▪ ▪▪▪▪▪▪ ▪▪▪ ▪▪ ▬▬▬ ▪▪▪▪ ▪▪▪ ▪▪▪▪▪ ▪▪ ▪▪▪▪ ▪▪▪ ▪▪▪▪▪▪ ▪▪▪ ▪▪ ▪▪▪▪ ▪▪▪ ▪▪▪▪▪ ▪▪ ▪▪▪▪ ▪▪▪ ▪▪▪▪▪▪ ▪▪▪ ▪▪ ▪▪▪▪ ▪▪▪ ▪▪▪▪▪ ▪▪ ▪▪▪▪ ▪▪▪ ▪▪▪▪▪▪ ▪▪▪ ▪▪ ▪▪▪▪ ▪▪▪ ▪▪▪▪▪ ▪▪ ▪▪▪▪ ▪▪▪ ▪▪▪▪▪▪ ▪▪▪ ▪▪ ▪▪▪▪ ▪▪▪ ▪▪▪▪▪ ▪▪ ▪▪▪▪ ▪▪▪ ▪▪▪▪▪▪ ▪▪▪ ▪▪ ▪▪▪▪ ▪▪▪ ▪▪▪▪▪ ▪▪ ▪▪▪▪ ▪▪▪ ▪▪▪▪▪▪ ▪▪▪ ▪▪ ▬▬▬ ▪▪▪▪ ▪▪▪ ▪▪▪▪▪ ▪▪ ▪▪▪▪ ▪▪▪ ▪▪▪▪▪▪ ▪▪▪ ▪▪ ▪▪▪▪ ▪▪▪ ▪▪▪▪▪ ▪▪ ▪▪▪▪ ▪▪▪ ▪▪▪▪▪▪ ▪▪▪ ▪▪ ▪▪▪▪ ▪▪▪ ▪▪▪▪▪ ▪▪ ▪▪▪▪ ▪▪▪ ▪▪▪▪▪▪ ▪▪▪ ▪▪ ▪▪▪▪ ▪▪▪ ▪▪▪▪▪ ▪▪ ▪▪▪▪ ▪▪▪ ▪▪▪▪▪▪ ▪▪▪ ▪▪ ▪▪▪▪ ▪▪▪ ▪▪▪▪▪ ▪▪ ▪▪▪▪ ▪▪▪ ▪▪▪▪▪▪ ▪▪▪ ▪▪ ▪▪▪▪ ▪▪▪ ▪▪▪▪▪ ▪▪ ▪▪▪▪ ▪▪▪ ▪▪▪▪▪▪ ▪▪▪ ▪▪ ▬▬▬ ▪▪▪▪ ▪▪▪ ▪▪▪▪▪ ▪▪ ▪▪▪▪ ▪▪▪ ▪▪▪▪▪▪ ▪▪▪ ▪▪ ▪▪▪▪ ▪▪▪ ▪▪▪▪▪ ▪▪ ▪▪▪▪ ▪▪▪ ▪▪▪▪▪▪ ▪▪▪ ▪▪ ▪▪▪▪ ▪▪▪ ▪▪▪▪▪ ▪▪ ▪▪▪▪ ▪▪▪ ▪▪▪▪▪▪ ▪▪▪ ▪▪ ▪▪▪▪ ▪▪▪ ▪▪▪▪▪ ▪▪ ▪▪▪▪ ▪▪▪ ▪▪▪▪▪▪ ▪▪▪ ▪▪ ▪▪▪▪ ▪▪▪ ▪▪▪▪▪ ▪▪ ▪▪▪▪ ▪▪▪ ▪▪▪▪▪▪ ▪▪▪ ▪▪ ▪▪▪▪ ▪▪▪ ▪▪▪▪▪ ▪▪ ▪▪▪▪ ▪▪▪ ▪▪▪▪▪▪ ▪▪▪ ▪▪
CRTA. CORUÑA
EDIFICIO REPRESENTATIVO
171 m² · 452 m²
Directamente
91 543 54 05
▬▬▬ ▪▪▪▪ ▪▪▪ ▪▪▪▪▪ ▪▪ ▪▪▪▪ ▪▪▪ ▪▪▪▪▪▪ ▪▪▪ ▪▪ ▪▪▪▪ ▪▪▪ ▪▪▪▪▪ ▪▪ ▪▪▪▪ ▪▪▪ ▪▪▪▪▪▪ ▪▪▪ ▪▪ ▪▪▪▪ ▪▪▪ ▪▪▪▪▪ ▪▪ ▪▪▪▪ ▪▪▪ ▪▪▪▪▪▪ ▪▪▪ ▪▪ ▪▪▪▪ ▪▪▪ ▪▪▪▪▪ ▪▪ ▪▪▪▪ ▪▪▪ ▪▪▪▪▪▪ ▪▪▪ ▪▪ ▪▪▪▪ ▪▪▪ ▪▪▪▪▪ ▪▪ ▪▪▪▪ ▪▪▪ ▪▪▪▪▪▪ ▪▪▪ ▪▪ ▪▪▪▪ ▪▪▪ ▪▪▪▪▪ ▪▪ ▪▪▪▪ ▪▪▪ ▪▪▪▪▪▪ ▪▪▪ ▪▪ ▬▬▬ ▪▪▪▪ ▪▪▪ ▪▪▪▪▪ ▪▪ ▪▪▪▪ ▪▪▪ ▪▪▪▪▪▪ ▪▪▪ ▪▪ ▪▪▪▪ ▪▪▪ ▪▪▪▪▪ ▪▪ ▪▪▪▪ ▪▪▪ ▪▪▪▪▪▪ ▪▪▪ ▪▪ ▪▪▪▪ ▪▪▪ ▪▪▪▪▪ ▪▪ ▪▪▪▪ ▪▪▪ ▪▪▪▪▪▪ ▪▪▪ ▪▪ ▪▪▪▪ ▪▪▪ ▪▪▪▪▪ ▪▪ ▪▪▪▪ ▪▪▪ ▪▪▪▪▪▪ ▪▪▪ ▪▪ ▪▪▪▪ ▪▪▪ ▪▪▪▪▪ ▪▪ ▪▪▪▪ ▪▪▪ ▪▪▪▪▪▪ ▪▪▪ ▪▪ ▪▪▪▪ ▪▪▪ ▪▪▪▪▪ ▪▪ ▪▪▪▪ ▪▪▪ ▪▪▪▪▪▪ ▪▪▪ ▪▪ ▬▬▬ ▪▪▪▪ ▪▪▪ ▪▪▪▪▪ ▪▪ ▪▪▪▪ ▪▪▪ ▪▪▪▪▪▪ ▪▪▪ ▪▪ ▪▪▪▪ ▪▪▪ ▪▪▪▪▪ ▪▪ ▪▪▪▪ ▪▪▪ ▪▪▪▪▪▪ ▪▪▪ ▪▪ ▪▪▪▪ ▪▪▪ ▪▪▪▪▪ ▪▪ ▪▪▪▪ ▪▪▪ ▪▪▪▪▪▪ ▪▪▪ ▪▪ ▪▪▪▪ ▪▪▪ ▪▪▪▪▪ ▪▪ ▪▪▪▪ ▪▪▪ ▪▪▪▪▪▪ ▪▪▪ ▪▪ ▪▪▪▪ ▪▪▪ ▪▪▪▪▪ ▪▪ ▪▪▪▪ ▪▪▪ ▪▪▪▪▪▪ ▪▪▪ ▪▪ ▪▪▪▪ ▪▪▪ ▪▪▪▪▪ ▪▪ ▪▪▪▪ ▪▪▪ ▪▪▪▪▪▪ ▪▪▪ ▪▪ ▬▬▬ ▪▪▪▪ ▪▪▪ ▪▪▪▪▪ ▪▪ ▪▪▪▪ ▪▪▪ ▪▪▪▪▪▪ ▪▪▪ ▪▪ ▪▪▪▪ ▪▪▪ ▪▪▪▪▪ ▪▪ ▪▪▪▪ ▪▪▪ ▪▪▪▪▪▪ ▪▪▪ ▪▪ ▪▪▪▪ ▪▪▪ ▪▪▪▪▪ ▪▪ ▪▪▪▪ ▪▪▪ ▪▪▪▪▪▪ ▪▪▪ ▪▪ ▪▪▪▪ ▪▪▪ ▪▪▪▪▪ ▪▪ ▪▪▪▪ ▪▪▪ ▪▪▪▪▪▪ ▪▪▪ ▪▪ ▪▪▪▪ ▪▪▪ ▪▪▪▪▪ ▪▪ ▪▪▪▪ ▪▪▪ ▪▪▪▪▪▪ ▪▪▪ ▪▪ ▪▪▪▪ ▪▪▪ ▪▪▪▪▪ ▪▪ ▪▪▪▪ ▪▪▪ ▪▪▪▪▪▪ ▪▪▪ ▪▪ ▬▬▬ ▪▪▪▪ ▪▪▪ ▪▪▪▪▪ ▪▪ ▪▪▪▪ ▪▪▪ ▪▪▪▪▪▪ ▪▪▪ ▪▪ ▪▪▪▪ ▪▪▪ ▪▪▪▪▪ ▪▪ ▪▪▪▪ ▪▪▪ ▪▪▪▪▪▪ ▪▪▪ ▪▪ ▪▪▪▪ ▪▪▪ ▪▪▪▪▪ ▪▪ ▪▪▪▪ ▪▪▪ ▪▪▪▪▪▪ ▪▪▪ ▪▪ ▪▪▪▪ ▪▪▪ ▪▪▪▪▪ ▪▪ ▪▪▪▪ ▪▪▪ ▪▪▪▪▪▪ ▪▪▪ ▪▪ ▪▪▪▪ ▪▪▪ ▪▪▪▪▪ ▪▪ ▪▪▪▪ ▪▪▪ ▪▪▪▪▪▪ ▪▪▪ ▪▪ ▪▪▪▪ ▪▪▪ ▪▪▪▪▪ ▪▪ ▪▪▪▪ ▪▪▪ ▪▪▪▪▪▪ ▪▪▪ ▪▪ ▬▬▬ ▪▪▪▪ ▪▪▪ ▪▪▪▪▪ ▪▪ ▪▪▪▪ ▪▪▪ ▪▪▪▪▪▪ ▪▪▪ ▪▪ ▪▪▪▪ ▪▪▪ ▪▪▪▪▪ ▪▪ ▪▪▪▪ ▪▪▪ ▪▪▪▪▪▪ ▪▪▪ ▪▪ ▪▪▪▪ ▪▪▪ ▪▪▪▪▪ ▪▪ ▪▪▪▪ ▪▪▪ ▪▪▪▪▪▪ ▪▪▪ ▪▪ ▪▪▪▪ ▪▪▪ ▪▪▪▪▪ ▪▪ ▪▪▪▪ ▪▪▪ ▪▪▪▪▪▪ ▪▪▪ ▪▪ ▪▪▪▪ ▪▪▪ ▪▪▪▪▪ ▪▪ ▪▪▪▪ ▪▪▪ ▪▪▪▪▪▪ ▪▪▪ ▪▪ ▪▪▪▪ ▪▪▪ ▪▪▪▪▪ ▪▪ ▪▪▪▪ ▪▪▪ ▪▪▪▪▪▪ ▪▪▪ ▪▪ ▬▬▬ ▪▪▪▪ ▪▪▪ ▪▪▪▪▪ ▪▪ ▪▪▪▪ ▪▪▪ ▪▪▪▪▪▪ ▪▪▪ ▪▪ ▪▪▪▪ ▪▪▪ ▪▪▪▪▪ ▪▪ ▪▪▪▪ ▪▪▪ ▪▪▪▪▪▪ ▪▪▪ ▪▪ ▪▪▪▪ ▪▪▪ ▪▪▪▪▪ ▪▪ ▪▪▪▪ ▪▪▪ ▪▪▪▪▪▪ ▪▪▪ ▪▪ ▪▪▪▪ ▪▪▪ ▪▪▪▪▪ ▪▪ ▪▪▪▪ ▪▪▪ ▪▪▪▪▪▪ ▪▪▪ ▪▪ ▪▪▪▪ ▪▪▪ ▪▪▪▪▪ ▪▪ ▪▪▪▪ ▪▪▪ ▪▪▪▪▪▪ ▪▪▪ ▪▪ ▪▪▪▪ ▪▪▪ ▪▪▪▪▪ ▪▪ ▪▪▪▪ ▪▪▪ ▪▪▪▪▪▪ ▪▪▪ ▪▪
▬▬▬ ▪▪▪▪ ▪▪▪ ▪▪▪▪▪ ▪▪ ▪▪▪▪ ▪▪▪ ▪▪▪▪▪▪ ▪▪▪ ▪▪ ▪▪▪▪ ▪▪▪ ▪▪▪▪▪ ▪▪ ▪▪▪▪ ▪▪▪ ▪▪▪▪▪▪ ▪▪▪ ▪▪ ▪▪▪▪ ▪▪▪ ▪▪▪▪▪ ▪▪ ▪▪▪▪ ▪▪▪ ▪▪▪▪▪▪ ▪▪▪ ▪▪ ▪▪▪▪ ▪▪▪ ▪▪▪▪▪ ▪▪ ▪▪▪▪ ▪▪▪ ▪▪▪▪▪▪ ▪▪▪ ▪▪ ▪▪▪▪ ▪▪▪ ▪▪▪▪▪ ▪▪ ▪▪▪▪ ▪▪▪ ▪▪▪▪▪▪ ▪▪▪ ▪▪ ▪▪▪▪ ▪▪▪ ▪▪▪▪▪ ▪▪ ▪▪▪▪ ▪▪▪ ▪▪▪▪▪▪ ▪▪▪ ▪▪ ▬▬▬ ▪▪▪▪ ▪▪▪ ▪▪▪▪▪ ▪▪ ▪▪▪▪ ▪▪▪ ▪▪▪▪▪▪ ▪▪▪ ▪▪ ▪▪▪▪ ▪▪▪ ▪▪▪▪▪ ▪▪ ▪▪▪▪ ▪▪▪ ▪▪▪▪▪▪ ▪▪▪ ▪▪ ▪▪▪▪ ▪▪▪ ▪▪▪▪▪ ▪▪ ▪▪▪▪ ▪▪▪ ▪▪▪▪▪▪ ▪▪▪ ▪▪ ▪▪▪▪ ▪▪▪ ▪▪▪▪▪ ▪▪ ▪▪▪▪ ▪▪▪ ▪▪▪▪▪▪ ▪▪▪ ▪▪ ▪▪▪▪ ▪▪▪ ▪▪▪▪▪ ▪▪ ▪▪▪▪ ▪▪▪ ▪▪▪▪▪▪ ▪▪▪ ▪▪ ▪▪▪▪ ▪▪▪ ▪▪▪▪▪ ▪▪ ▪▪▪▪ ▪▪▪ ▪▪▪▪▪▪ ▪▪▪ ▪▪ ▬▬▬ ▪▪▪▪ ▪▪▪ ▪▪▪▪▪ ▪▪ ▪▪▪▪ ▪▪▪ ▪▪▪▪▪▪ ▪▪▪ ▪▪ ▪▪▪▪ ▪▪▪ ▪▪▪▪▪ ▪▪ ▪▪▪▪ ▪▪▪ ▪▪▪▪▪▪ ▪▪▪ ▪▪ ▪▪▪▪ ▪▪▪ ▪▪▪▪▪ ▪▪ ▪▪▪▪ ▪▪▪ ▪▪▪▪▪▪ ▪▪▪ ▪▪ ▪▪▪▪ ▪▪▪ ▪▪▪▪▪ ▪▪ ▪▪▪▪ ▪▪▪ ▪▪▪▪▪▪ ▪▪▪ ▪▪ ▪▪▪▪ ▪▪▪ ▪▪▪▪▪ ▪▪ ▪▪▪▪ ▪▪▪ ▪▪▪▪▪▪ ▪▪▪ ▪▪ ▪▪▪▪ ▪▪▪ ▪▪▪▪▪ ▪▪ ▪▪▪▪ ▪▪▪ ▪▪▪▪▪▪ ▪▪▪ ▪▪ ▬▬▬ ▪▪▪▪ ▪▪▪ ▪▪▪▪▪ ▪▪ ▪▪▪▪ ▪▪▪ ▪▪▪▪▪▪ ▪▪▪ ▪▪ ▪▪▪▪ ▪▪▪ ▪▪▪▪▪ ▪▪ ▪▪▪▪ ▪▪▪ ▪▪▪▪▪▪ ▪▪▪ ▪▪ ▪▪▪▪ ▪▪▪ ▪▪▪▪▪ ▪▪ ▪▪▪▪ ▪▪▪ ▪▪▪▪▪▪ ▪▪▪ ▪▪ ▪▪▪▪ ▪▪▪ ▪▪▪▪▪ ▪▪ ▪▪▪▪ ▪▪▪ ▪▪▪▪▪▪ ▪▪▪ ▪▪ ▪▪▪▪ ▪▪▪ ▪▪▪▪▪ ▪▪ ▪▪▪▪ ▪▪▪ ▪▪▪▪▪▪ ▪▪▪ ▪▪ ▪▪▪▪ ▪▪▪ ▪▪▪▪▪ ▪▪ ▪▪▪▪ ▪▪▪ ▪▪▪▪▪▪ ▪▪▪ ▪▪ ▬▬▬ ▪▪▪▪ ▪▪▪ ▪▪▪▪▪ ▪▪ ▪▪▪▪ ▪▪▪ ▪▪▪▪▪▪ ▪▪▪ ▪▪ ▪▪▪▪ ▪▪▪ ▪▪▪▪▪ ▪▪ ▪▪▪▪ ▪▪▪ ▪▪▪▪▪▪ ▪▪▪ ▪▪ ▪▪▪▪ ▪▪▪ ▪▪▪▪▪ ▪▪ ▪▪▪▪ ▪▪▪ ▪▪▪▪▪▪ ▪▪▪ ▪▪ ▪▪▪▪ ▪▪▪ ▪▪▪▪▪ ▪▪ ▪▪▪▪ ▪▪▪ ▪▪▪▪▪▪ ▪▪▪ ▪▪ ▪▪▪▪ ▪▪▪ ▪▪▪▪▪ ▪▪ ▪▪▪▪ ▪▪▪ ▪▪▪▪▪▪ ▪▪▪ ▪▪ ▪▪▪▪ ▪▪▪ ▪▪▪▪▪ ▪▪ ▪▪▪▪ ▪▪▪ ▪▪▪▪▪▪ ▪▪▪ ▪▪ ▬▬▬ ▪▪▪▪ ▪▪▪ ▪▪▪▪▪ ▪▪ ▪▪▪▪ ▪▪▪ ▪▪▪▪▪▪ ▪▪▪ ▪▪ ▪▪▪▪ ▪▪▪ ▪▪▪▪▪ ▪▪ ▪▪▪▪ ▪▪▪ ▪▪▪▪▪▪ ▪▪▪ ▪▪ ▪▪▪▪ ▪▪▪ ▪▪▪▪▪ ▪▪ ▪▪▪▪ ▪▪▪ ▪▪▪▪▪▪ ▪▪▪ ▪▪ ▪▪▪▪ ▪▪▪ ▪▪▪▪▪ ▪▪ ▪▪▪▪ ▪▪▪ ▪▪▪▪▪▪ ▪▪▪ ▪▪ ▪▪▪▪ ▪▪▪ ▪▪▪▪▪ ▪▪ ▪▪▪▪ ▪▪▪ ▪▪▪▪▪▪ ▪▪▪ ▪▪ ▪▪▪▪ ▪▪▪ ▪▪▪▪▪ ▪▪ ▪▪▪▪ ▪▪▪ ▪▪▪▪▪▪ ▪▪▪ ▪▪ ▬▬▬ ▪▪▪▪ ▪▪▪ ▪▪▪▪▪ ▪▪ ▪▪▪▪ ▪▪▪ ▪▪▪▪▪▪ ▪▪▪ ▪▪ ▪▪▪▪ ▪▪▪ ▪▪▪▪▪ ▪▪ ▪▪▪▪ ▪▪▪ ▪▪▪▪▪▪ ▪▪▪ ▪▪ ▪▪▪▪ ▪▪▪ ▪▪▪▪▪ ▪▪ ▪▪▪▪ ▪▪▪ ▪▪▪▪▪▪ ▪▪▪ ▪▪ ▪▪▪▪ ▪▪▪ ▪▪▪▪▪ ▪▪ ▪▪▪▪ ▪▪▪ ▪▪▪▪▪▪ ▪▪▪ ▪▪ ▪▪▪▪ ▪▪▪ ▪▪▪▪▪ ▪▪ ▪▪▪▪ ▪▪▪ ▪▪▪▪▪▪ ▪▪▪ ▪▪ ▪▪▪▪ ▪▪▪ ▪▪▪▪▪ ▪▪ ▪▪▪▪ ▪▪▪ ▪▪▪▪▪▪ ▪▪▪ ▪▪
ZONA CUZCO
91 435 95 32
OFICINA CHALET INDEPENDIENTE
1.200 METROS
Directamente
91 543 54 05
▬▬▬ ▪▪▪▪ ▪▪▪ ▪▪▪▪▪ ▪▪ ▪▪▪▪ ▪▪▪ ▪▪▪▪▪▪ ▪▪▪ ▪▪ ▪▪▪▪ ▪▪▪ ▪▪▪▪▪ ▪▪ ▪▪▪▪ ▪▪▪ ▪▪▪▪▪▪ ▪▪▪ ▪▪ ▪▪▪▪ ▪▪▪ ▪▪▪▪▪ ▪▪ ▪▪▪▪ ▪▪▪ ▪▪▪▪▪▪ ▪▪▪ ▪▪ ▪▪▪▪ ▪▪▪ ▪▪▪▪▪ ▪▪ ▪▪▪▪ ▪▪▪ ▪▪▪▪▪▪ ▪▪▪ ▪▪ ▪▪▪▪ ▪▪▪ ▪▪▪▪▪ ▪▪ ▪▪▪▪ ▪▪▪ ▪▪▪▪▪▪ ▪▪▪ ▪▪ ▪▪▪▪ ▪▪▪ ▪▪▪▪▪ ▪▪ ▪▪▪▪ ▪▪▪ ▪▪▪▪▪▪ ▪▪▪ ▪▪ ▬▬▬ ▪▪▪▪ ▪▪▪ ▪▪▪▪▪ ▪▪ ▪▪▪▪ ▪▪▪ ▪▪▪▪▪▪ ▪▪▪ ▪▪ ▪▪▪▪ ▪▪▪ ▪▪▪▪▪ ▪▪ ▪▪▪▪ ▪▪▪ ▪▪▪▪▪▪ ▪▪▪ ▪▪ ▪▪▪▪ ▪▪▪ ▪▪▪▪▪ ▪▪ ▪▪▪▪ ▪▪▪ ▪▪▪▪▪▪ ▪▪▪ ▪▪ ▪▪▪▪ ▪▪▪ ▪▪▪▪▪ ▪▪ ▪▪▪▪ ▪▪▪ ▪▪▪▪▪▪ ▪▪▪ ▪▪ ▪▪▪▪ ▪▪▪ ▪▪▪▪▪ ▪▪ ▪▪▪▪ ▪▪▪ ▪▪▪▪▪▪ ▪▪▪ ▪▪ ▪▪▪▪ ▪▪▪ ▪▪▪▪▪ ▪▪ ▪▪▪▪ ▪▪▪ ▪▪▪▪▪▪ ▪▪▪ ▪▪ ▬▬▬ ▪▪▪▪ ▪▪▪ ▪▪▪▪▪ ▪▪ ▪▪▪▪ ▪▪▪ ▪▪▪▪▪▪ ▪▪▪ ▪▪ ▪▪▪▪ ▪▪▪ ▪▪▪▪▪ ▪▪ ▪▪▪▪ ▪▪▪ ▪▪▪▪▪▪ ▪▪▪ ▪▪ ▪▪▪▪ ▪▪▪ ▪▪▪▪▪ ▪▪ ▪▪▪▪ ▪▪▪ ▪▪▪▪▪▪ ▪▪▪ ▪▪ ▪▪▪▪ ▪▪▪ ▪▪▪▪▪ ▪▪ ▪▪▪▪ ▪▪▪ ▪▪▪▪▪▪ ▪▪▪ ▪▪ ▪▪▪▪ ▪▪▪ ▪▪▪▪▪ ▪▪ ▪▪▪▪ ▪▪▪ ▪▪▪▪▪▪ ▪▪▪ ▪▪ ▪▪▪▪ ▪▪▪ ▪▪▪▪▪ ▪▪ ▪▪▪▪ ▪▪▪ ▪▪▪▪▪▪ ▪▪▪ ▪▪ ▬▬▬ ▪▪▪▪ ▪▪▪ ▪▪▪▪▪ ▪▪ ▪▪▪▪ ▪▪▪ ▪▪▪▪▪▪ ▪▪▪ ▪▪ ▪▪▪▪ ▪▪▪ ▪▪▪▪▪ ▪▪ ▪▪▪▪ ▪▪▪ ▪▪▪▪▪▪ ▪▪▪ ▪▪ ▪▪▪▪ ▪▪▪ ▪▪▪▪▪ ▪▪ ▪▪▪▪ ▪▪▪ ▪▪▪▪▪▪ ▪▪▪ ▪▪ ▪▪▪▪ ▪▪▪ ▪▪▪▪▪ ▪▪ ▪▪▪▪ ▪▪▪ ▪▪▪▪▪▪ ▪▪▪ ▪▪ ▪▪▪▪ ▪▪▪ ▪▪▪▪▪ ▪▪ ▪▪▪▪ ▪▪▪ ▪▪▪▪▪▪ ▪▪▪ ▪▪ ▪▪▪▪ ▪▪▪ ▪▪▪▪▪ ▪▪ ▪▪▪▪ ▪▪▪ ▪▪▪▪▪▪ ▪▪▪ ▪▪ ▬▬▬ ▪▪▪▪ ▪▪▪ ▪▪▪▪▪ ▪▪ ▪▪▪▪ ▪▪▪ ▪▪▪▪▪▪ ▪▪▪ ▪▪ ▪▪▪▪ ▪▪▪ ▪▪▪▪▪ ▪▪ ▪▪▪▪ ▪▪▪ ▪▪▪▪▪▪ ▪▪▪ ▪▪ ▪▪▪▪ ▪▪▪ ▪▪▪▪▪ ▪▪ ▪▪▪▪ ▪▪▪ ▪▪▪▪▪▪ ▪▪▪ ▪▪ ▪▪▪▪ ▪▪▪ ▪▪▪▪▪ ▪▪ ▪▪▪▪ ▪▪▪ ▪▪▪▪▪▪ ▪▪▪ ▪▪ ▪▪▪▪ ▪▪▪ ▪▪▪▪▪ ▪▪ ▪▪▪▪ ▪▪▪ ▪▪▪▪▪▪ ▪▪▪ ▪▪ ▪▪▪▪ ▪▪▪ ▪▪▪▪▪ ▪▪ ▪▪▪▪ ▪▪▪ ▪▪▪▪▪▪ ▪▪▪ ▪▪ ▬▬▬ ▪▪▪▪ ▪▪▪ ▪▪▪▪▪ ▪▪ ▪▪▪▪ ▪▪▪ ▪▪▪▪▪▪ ▪▪▪ ▪▪ ▪▪▪▪ ▪▪▪ ▪▪▪▪▪ ▪▪ ▪▪▪▪ ▪▪▪ ▪▪▪▪▪▪ ▪▪▪ ▪▪
▬▬▬ ▪▪▪▪ ▪▪▪ ▪▪▪▪▪ ▪▪ ▪▪▪▪ ▪▪▪ ▪▪▪▪▪▪ ▪▪▪ ▪▪ ▪▪▪▪ ▪▪▪ ▪▪▪▪▪ ▪▪ ▪▪▪▪ ▪▪▪ ▪▪▪▪▪▪ ▪▪▪ ▪▪ ▪▪▪▪ ▪▪▪ ▪▪▪▪▪ ▪▪ ▪▪▪▪ ▪▪▪ ▪▪▪▪▪▪ ▪▪▪ ▪▪ ▪▪▪▪ ▪▪▪ ▪▪▪▪▪ ▪▪ ▪▪▪▪ ▪▪▪ ▪▪▪▪▪▪ ▪▪▪ ▪▪ ▪▪▪▪ ▪▪▪ ▪▪▪▪▪ ▪▪ ▪▪▪▪ ▪▪▪ ▪▪▪▪▪▪ ▪▪▪ ▪▪ ▪▪▪▪ ▪▪▪ ▪▪▪▪▪ ▪▪ ▪▪▪▪ ▪▪▪ ▪▪▪▪▪▪ ▪▪▪ ▪▪ ▬▬▬ ▪▪▪▪ ▪▪▪ ▪▪▪▪▪ ▪▪ ▪▪▪▪ ▪▪▪ ▪▪▪▪▪▪ ▪▪▪ ▪▪ ▪▪▪▪ ▪▪▪ ▪▪▪▪▪ ▪▪ ▪▪▪▪ ▪▪▪ ▪▪▪▪▪▪ ▪▪▪ ▪▪ ▪▪▪▪ ▪▪▪ ▪▪▪▪▪ ▪▪ ▪▪▪▪ ▪▪▪ ▪▪▪▪▪▪ ▪▪▪ ▪▪ ▪▪▪▪ ▪▪▪ ▪▪▪▪▪ ▪▪ ▪▪▪▪ ▪▪▪ ▪▪▪▪▪▪ ▪▪▪ ▪▪ ▪▪▪▪ ▪▪▪ ▪▪▪▪▪ ▪▪ ▪▪▪▪ ▪▪▪ ▪▪▪▪▪▪ ▪▪▪ ▪▪ ▪▪▪▪ ▪▪▪ ▪▪▪▪▪ ▪▪ ▪▪▪▪ ▪▪▪ ▪▪▪▪▪▪ ▪▪▪ ▪▪ ▬▬▬ ▪▪▪▪ ▪▪▪ ▪▪▪▪▪ ▪▪ ▪▪▪▪ ▪▪▪ ▪▪▪▪▪▪ ▪▪▪ ▪▪ ▪▪▪▪ ▪▪▪ ▪▪▪▪▪ ▪▪ ▪▪▪▪ ▪▪▪ ▪▪▪▪▪▪ ▪▪▪ ▪▪ ▪▪▪▪ ▪▪▪ ▪▪▪▪▪ ▪▪ ▪▪▪▪ ▪▪▪ ▪▪▪▪▪▪ ▪▪▪ ▪▪ ▪▪▪▪ ▪▪▪ ▪▪▪▪▪ ▪▪ ▪▪▪▪ ▪▪▪ ▪▪▪▪▪▪ ▪▪▪ ▪▪ ▪▪▪▪ ▪▪▪ ▪▪▪▪▪ ▪▪ ▪▪▪▪ ▪▪▪ ▪▪▪▪▪▪ ▪▪▪ ▪▪ ▪▪▪▪ ▪▪▪ ▪▪▪▪▪ ▪▪ ▪▪▪▪ ▪▪▪ ▪▪▪▪▪▪ ▪▪▪ ▪▪ ▬▬▬ ▪▪▪▪ ▪▪▪ ▪▪▪▪▪ ▪▪ ▪▪▪▪ ▪▪▪ ▪▪▪▪▪▪ ▪▪▪ ▪▪ ▪▪▪▪ ▪▪▪ ▪▪▪▪▪ ▪▪ ▪▪▪▪ ▪▪▪ ▪▪▪▪▪▪ ▪▪▪ ▪▪ ▪▪▪▪ ▪▪▪ ▪▪▪▪▪ ▪▪ ▪▪▪▪ ▪▪▪ ▪▪▪▪▪▪ ▪▪▪ ▪▪
ALCALA-QUINTANA
Local alquiler 329 m² GRAN FACHADA 1.800.000 ptas.
902 23 20 00
▬▬▬ ▪▪▪▪ ▪▪▪ ▪▪▪▪▪ ▪▪ ▪▪▪▪ ▪▪▪ ▪▪▪▪▪▪ ▪▪▪ ▪▪ ▪▪▪▪ ▪▪▪ ▪▪▪▪▪ ▪▪ ▪▪▪▪ ▪▪▪ ▪▪▪▪▪▪ ▪▪▪ ▪▪ ▪▪▪▪ ▪▪▪ ▪▪▪▪▪ ▪▪ ▪▪▪▪ ▪▪▪ ▪▪▪▪▪▪ ▪▪▪ ▪▪ ▪▪▪▪ ▪▪▪ ▪▪▪▪▪ ▪▪ ▪▪▪▪ ▪▪▪ ▪▪▪▪▪▪ ▪▪▪ ▪▪ ▪▪▪▪ ▪▪▪ ▪▪▪▪▪ ▪▪ ▪▪▪▪ ▪▪▪ ▪▪▪▪▪▪ ▪▪▪ ▪▪ ▪▪▪▪ ▪▪▪ ▪▪▪▪▪ ▪▪ ▪▪▪▪ ▪▪▪ ▪▪▪▪▪▪ ▪▪▪ ▪▪ ▬▬▬ ▪▪▪▪ ▪▪▪ ▪▪▪▪▪ ▪▪ ▪▪▪▪ ▪▪▪ ▪▪▪▪▪▪ ▪▪▪ ▪▪ ▪▪▪▪ ▪▪▪ ▪▪▪▪▪ ▪▪ ▪▪▪▪ ▪▪▪ ▪▪▪▪▪▪ ▪▪▪ ▪▪
ALCALA-GOYA
Local traspaso 110 m² 22.000.000 ptas.
902 23 20 00
EXELENT
▬▬▬ ▪▪▪▪ ▪▪▪ ▪▪▪▪▪ ▪▪ ▪▪▪▪ ▪▪▪ ▪▪▪▪▪▪ ▪▪▪ ▪▪ ▪▪▪▪ ▪▪▪ ▪▪▪▪▪ ▪▪ ▪▪▪▪ ▪▪▪ ▪▪▪▪▪▪ ▪▪▪ ▪▪ ▪▪▪▪ ▪▪▪ ▪▪▪▪▪ ▪▪ ▪▪▪▪ ▪▪▪ ▪▪▪▪▪▪ ▪▪▪ ▪▪ ▪▪▪▪ ▪▪▪ ▪▪▪▪▪ ▪▪ ▪▪▪▪ ▪▪▪ ▪▪▪▪▪▪ ▪▪▪ ▪▪ ▪▪▪▪ ▪▪▪ ▪▪▪▪▪ ▪▪ ▪▪▪▪ ▪▪▪ ▪▪▪▪▪▪ ▪▪▪ ▪▪ ▪▪▪▪ ▪▪▪ ▪▪▪▪▪ ▪▪ ▪▪▪▪ ▪▪▪ ▪▪▪▪▪▪ ▪▪▪ ▪▪ ▬▬▬ ▪▪▪▪ ▪▪▪ ▪▪▪▪▪ ▪▪ ▪▪▪▪ ▪▪▪ ▪▪▪▪▪▪ ▪▪▪ ▪▪ ▪▪▪▪ ▪▪▪ ▪▪▪▪▪ ▪▪ ▪▪▪▪ ▪▪▪ ▪▪▪▪▪▪ ▪▪▪ ▪▪
OPORTUNIDAD
RESTAURANTE
PROFESIONALES HOSTELERIA
91 543 54 05
▬▬▬ ▪▪▪▪ ▪▪▪ ▪▪▪▪▪ ▪▪ ▪▪▪▪ ▪▪▪ ▪▪▪▪▪▪ ▪▪▪ ▪▪ ▪▪▪▪ ▪▪▪ ▪▪▪▪▪ ▪▪ ▪▪▪▪ ▪▪▪ ▪▪▪▪▪▪ ▪▪▪ ▪▪ ▪▪▪▪ ▪▪▪ ▪▪▪▪▪ ▪▪ ▪▪▪▪ ▪▪▪ ▪▪▪▪▪▪ ▪▪▪ ▪▪ ▪▪▪▪ ▪▪▪ ▪▪▪▪▪ ▪▪ ▪▪▪▪ ▪▪▪ ▪▪▪▪▪▪ ▪▪▪ ▪▪ ▪▪▪▪ ▪▪▪ ▪▪▪▪▪ ▪▪ ▪▪▪▪ ▪▪▪ ▪▪▪▪▪▪ ▪▪▪ ▪▪
ALQUILO O TRASPASO LOCAL
120 m. REFORMADO MEJOR SITIO CALLE OCA
Tel. 91-8513264
ABC
Paseo de Recoletos, 28 · Tel. 91 517 61 28 · Fax. 91 517 24 33
Nubia
COMUNICACION INTEGRAL
